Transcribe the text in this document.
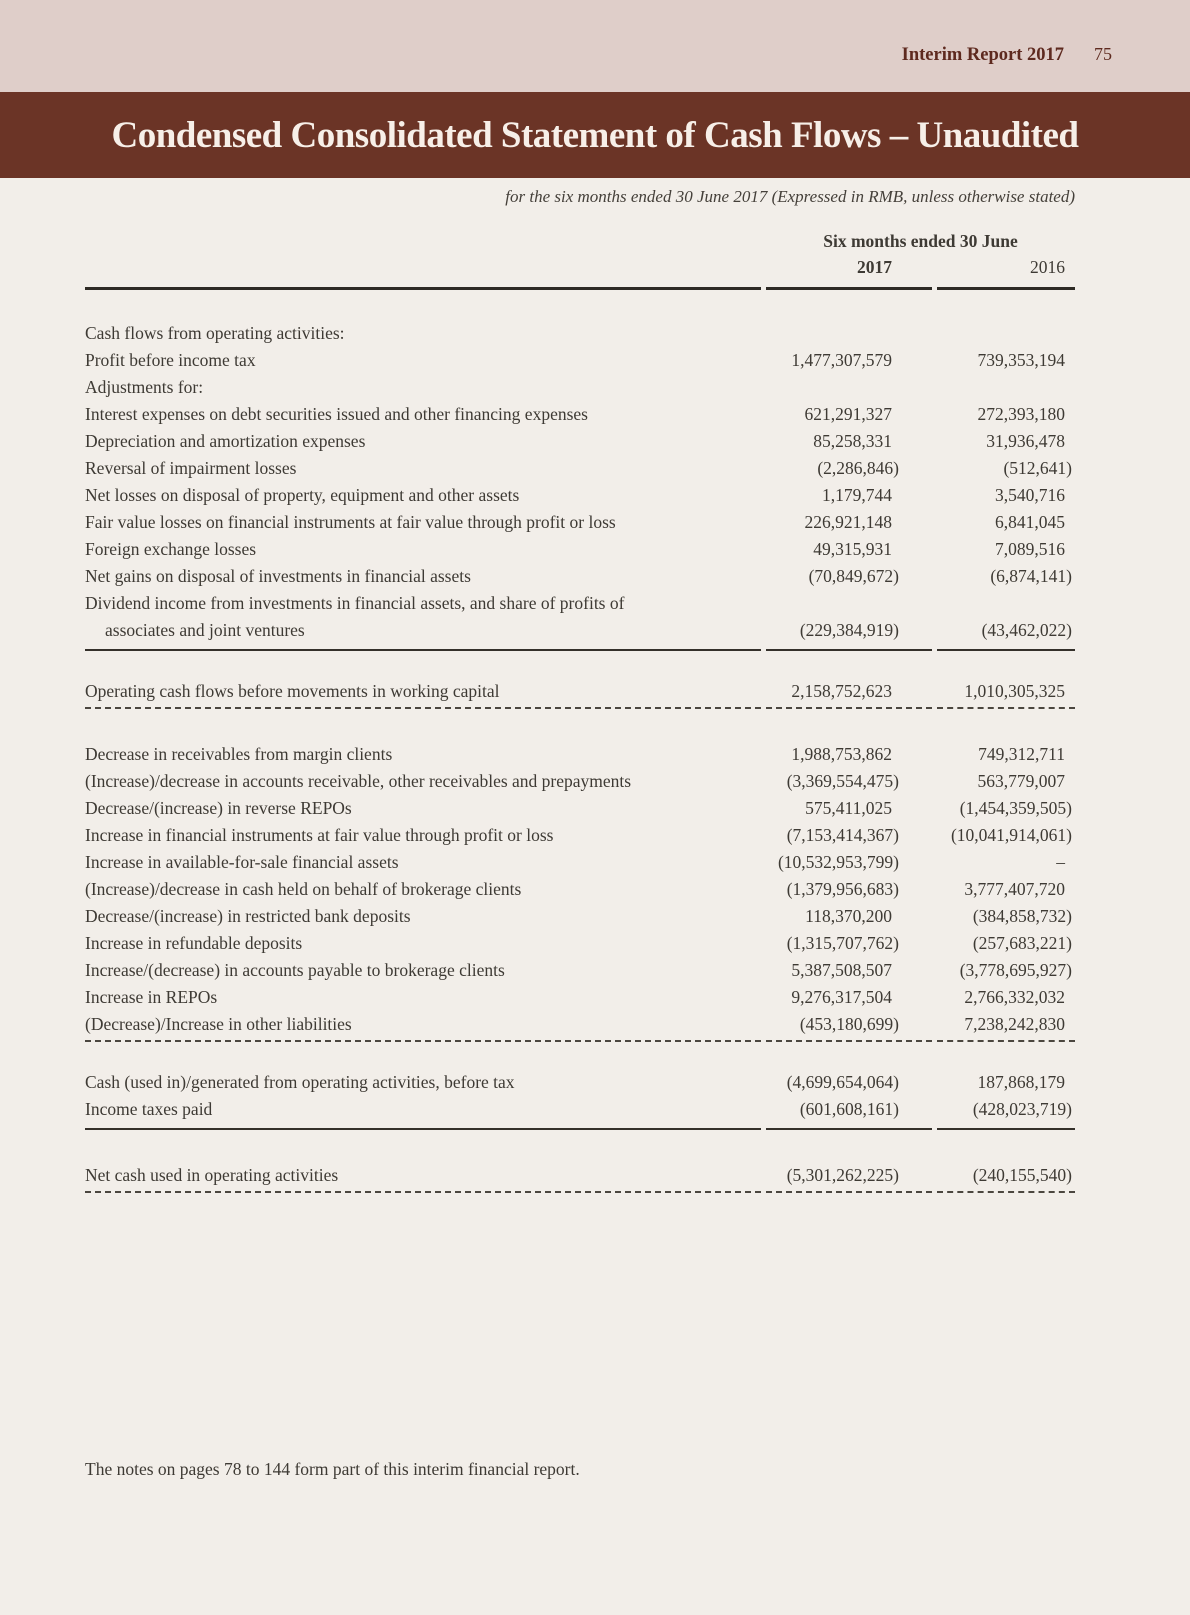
Interim Report 2017 75
Condensed Consolidated Statement of Cash Flows – Unaudited
for the six months ended 30 June 2017 (Expressed in RMB, unless otherwise stated)
Six months ended 30 June
2017	2016
Cash flows from operating activities:
Profit before income tax	1,477,307,579	739,353,194
Adjustments for:
Interest expenses on debt securities issued and other financing expenses	621,291,327	272,393,180
Depreciation and amortization expenses	85,258,331	31,936,478
Reversal of impairment losses	(2,286,846)	(512,641)
Net losses on disposal of property, equipment and other assets	1,179,744	3,540,716
Fair value losses on financial instruments at fair value through profit or loss	226,921,148	6,841,045
Foreign exchange losses	49,315,931	7,089,516
Net gains on disposal of investments in financial assets	(70,849,672)	(6,874,141)
Dividend income from investments in financial assets, and share of profits of
associates and joint ventures	(229,384,919)	(43,462,022)
Operating cash flows before movements in working capital	2,158,752,623	1,010,305,325
Decrease in receivables from margin clients	1,988,753,862	749,312,711
(Increase)/decrease in accounts receivable, other receivables and prepayments	(3,369,554,475)	563,779,007
Decrease/(increase) in reverse REPOs	575,411,025	(1,454,359,505)
Increase in financial instruments at fair value through profit or loss	(7,153,414,367)	(10,041,914,061)
Increase in available-for-sale financial assets	(10,532,953,799)	–
(Increase)/decrease in cash held on behalf of brokerage clients	(1,379,956,683)	3,777,407,720
Decrease/(increase) in restricted bank deposits	118,370,200	(384,858,732)
Increase in refundable deposits	(1,315,707,762)	(257,683,221)
Increase/(decrease) in accounts payable to brokerage clients	5,387,508,507	(3,778,695,927)
Increase in REPOs	9,276,317,504	2,766,332,032
(Decrease)/Increase in other liabilities	(453,180,699)	7,238,242,830
Cash (used in)/generated from operating activities, before tax	(4,699,654,064)	187,868,179
Income taxes paid	(601,608,161)	(428,023,719)
Net cash used in operating activities	(5,301,262,225)	(240,155,540)
The notes on pages 78 to 144 form part of this interim financial report.
